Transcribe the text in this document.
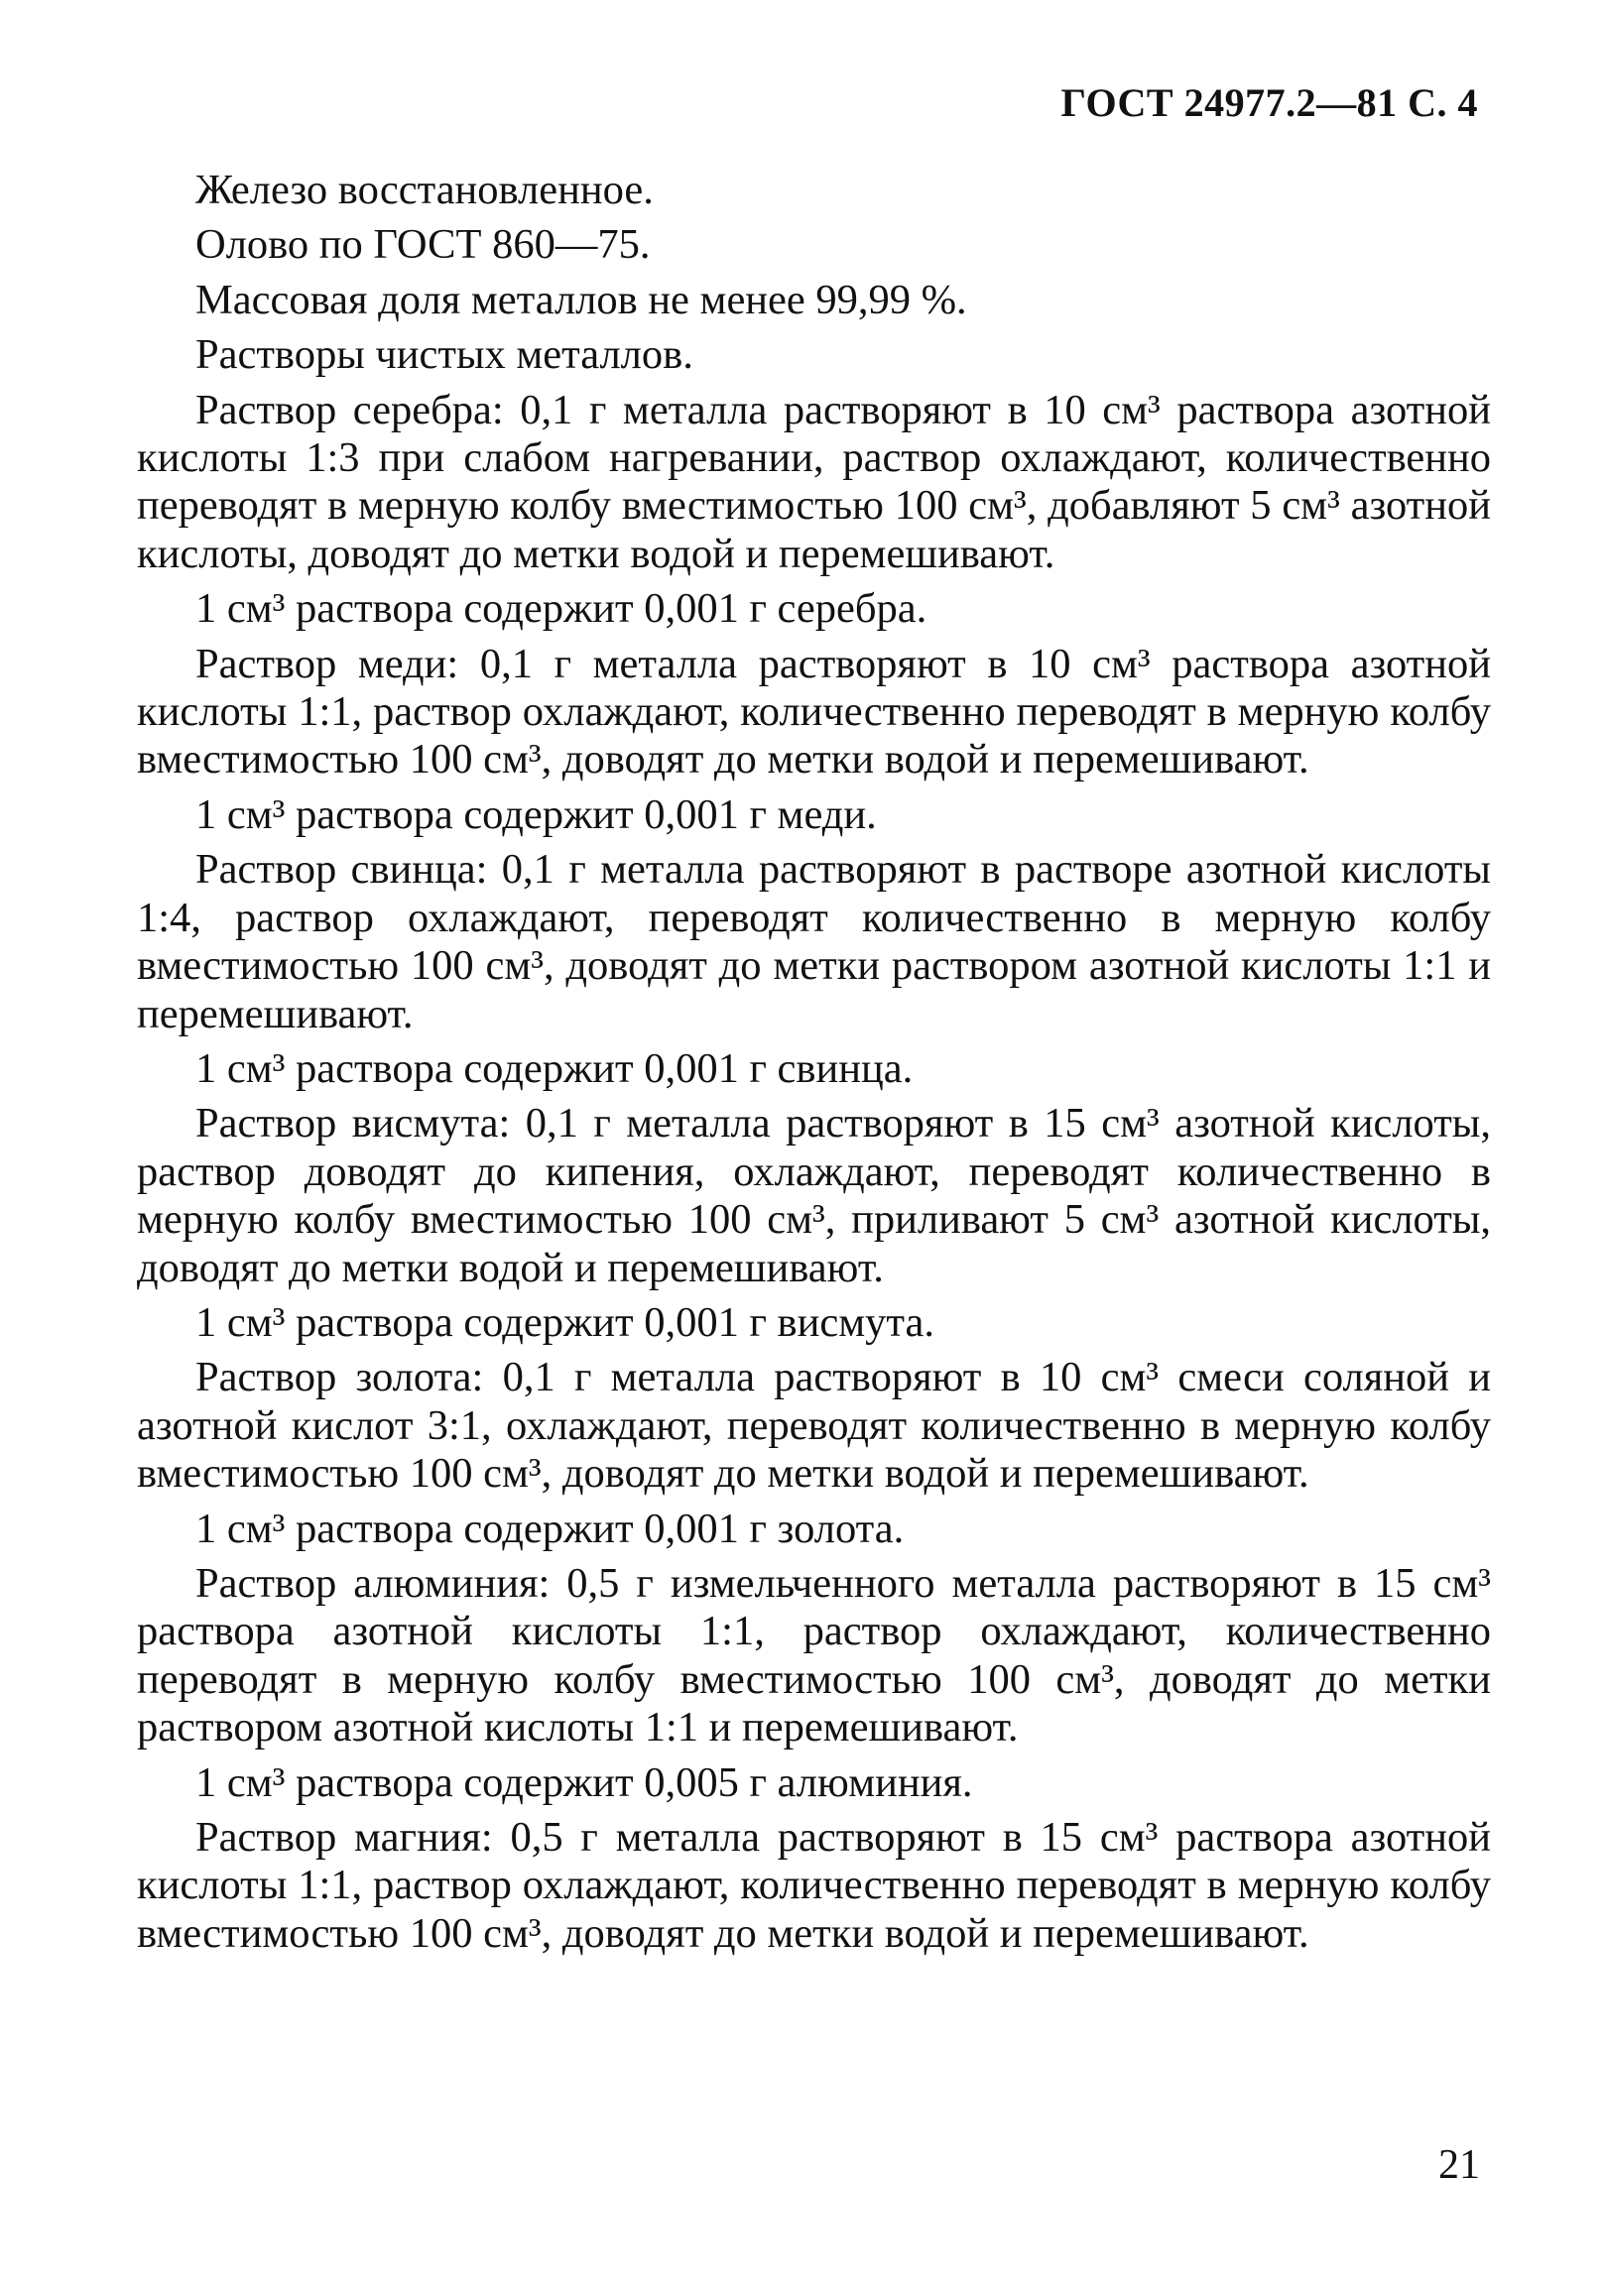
ГОСТ 24977.2—81 С. 4

Железо восстановленное.

Олово по ГОСТ 860—75.

Массовая доля металлов не менее 99,99 %.

Растворы чистых металлов.

Раствор серебра: 0,1 г металла растворяют в 10 см³ раствора азотной кислоты 1:3 при слабом нагревании, раствор охлаждают, количественно переводят в мерную колбу вместимостью 100 см³, добавляют 5 см³ азотной кислоты, доводят до метки водой и перемешивают.

1 см³ раствора содержит 0,001 г серебра.

Раствор меди: 0,1 г металла растворяют в 10 см³ раствора азотной кислоты 1:1, раствор охлаждают, количественно переводят в мерную колбу вместимостью 100 см³, доводят до метки водой и перемешивают.

1 см³ раствора содержит 0,001 г меди.

Раствор свинца: 0,1 г металла растворяют в растворе азотной кислоты 1:4, раствор охлаждают, переводят количественно в мерную колбу вместимостью 100 см³, доводят до метки раствором азотной кислоты 1:1 и перемешивают.

1 см³ раствора содержит 0,001 г свинца.

Раствор висмута: 0,1 г металла растворяют в 15 см³ азотной кислоты, раствор доводят до кипения, охлаждают, переводят количественно в мерную колбу вместимостью 100 см³, приливают 5 см³ азотной кислоты, доводят до метки водой и перемешивают.

1 см³ раствора содержит 0,001 г висмута.

Раствор золота: 0,1 г металла растворяют в 10 см³ смеси соляной и азотной кислот 3:1, охлаждают, переводят количественно в мерную колбу вместимостью 100 см³, доводят до метки водой и перемешивают.

1 см³ раствора содержит 0,001 г золота.

Раствор алюминия: 0,5 г измельченного металла растворяют в 15 см³ раствора азотной кислоты 1:1, раствор охлаждают, количественно переводят в мерную колбу вместимостью 100 см³, доводят до метки раствором азотной кислоты 1:1 и перемешивают.

1 см³ раствора содержит 0,005 г алюминия.

Раствор магния: 0,5 г металла растворяют в 15 см³ раствора азотной кислоты 1:1, раствор охлаждают, количественно переводят в мерную колбу вместимостью 100 см³, доводят до метки водой и перемешивают.

21
